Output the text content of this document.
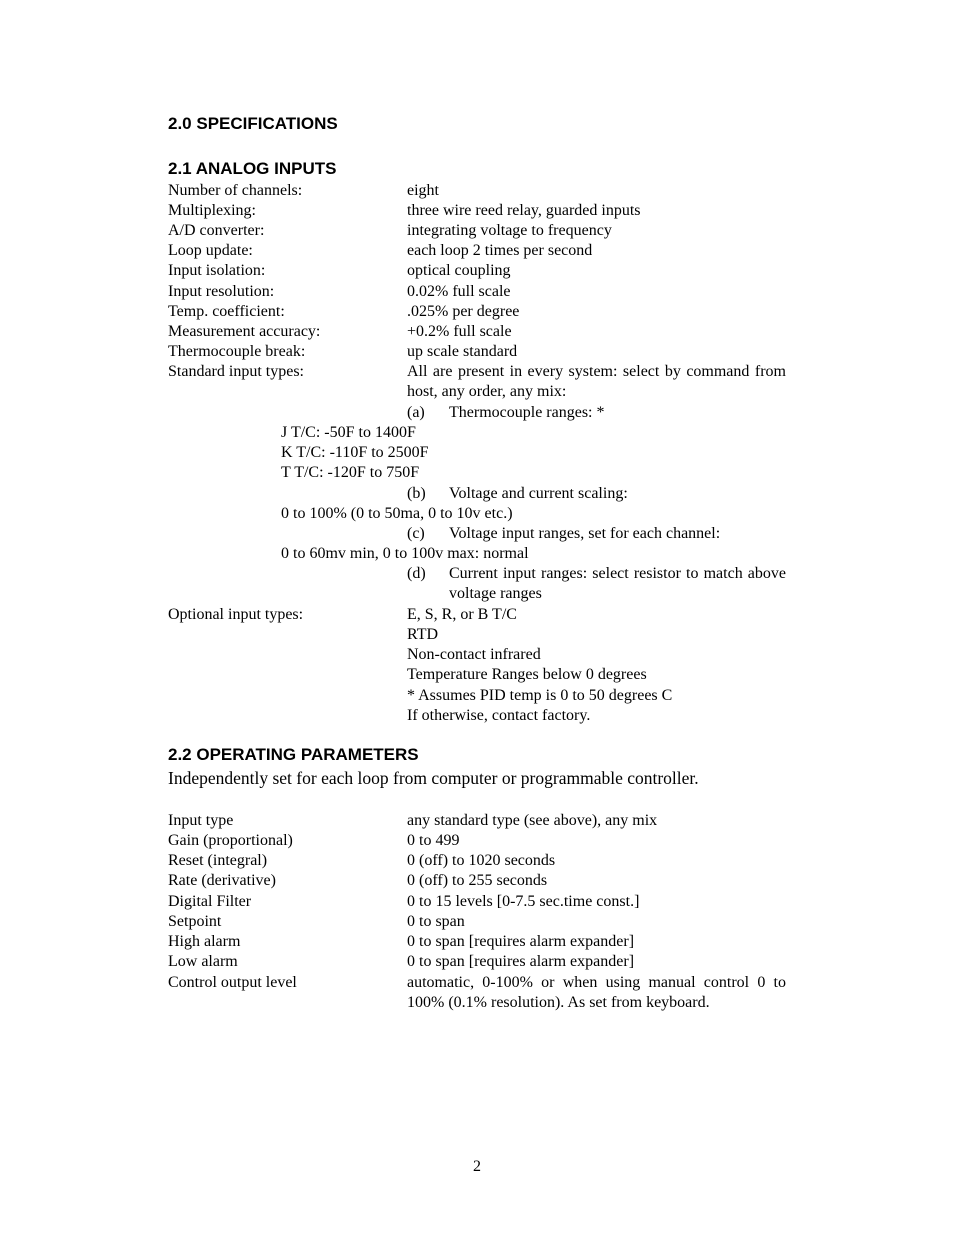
2.0 SPECIFICATIONS
2.1 ANALOG INPUTS
Number of channels:	eight
Multiplexing:	three wire reed relay, guarded inputs
A/D converter:	integrating voltage to frequency
Loop update:	each loop 2 times per second
Input isolation:	optical coupling
Input resolution:	0.02% full scale
Temp. coefficient:	.025% per degree
Measurement accuracy:	+0.2% full scale
Thermocouple break:	up scale standard
Standard input types:	All are present in every system: select by command from host, any order, any mix:
(a) Thermocouple ranges: *
J T/C: -50F to 1400F
K T/C: -110F to 2500F
T T/C: -120F to 750F
(b) Voltage and current scaling:
0 to 100% (0 to 50ma, 0 to 10v etc.)
(c) Voltage input ranges, set for each channel:
0 to 60mv min, 0 to 100v max: normal
(d) Current input ranges: select resistor to match above voltage ranges
Optional input types:	E, S, R, or B T/C
RTD
Non-contact infrared
Temperature Ranges below 0 degrees
* Assumes PID temp is 0 to 50 degrees C
If otherwise, contact factory.
2.2 OPERATING PARAMETERS
Independently set for each loop from computer or programmable controller.
Input type	any standard type (see above), any mix
Gain (proportional)	0 to 499
Reset (integral)	0 (off) to 1020 seconds
Rate (derivative)	0 (off) to 255 seconds
Digital Filter	0 to 15 levels [0-7.5 sec.time const.]
Setpoint	0 to span
High alarm	0 to span [requires alarm expander]
Low alarm	0 to span [requires alarm expander]
Control output level	automatic, 0-100% or when using manual control 0 to 100% (0.1% resolution). As set from keyboard.
2
